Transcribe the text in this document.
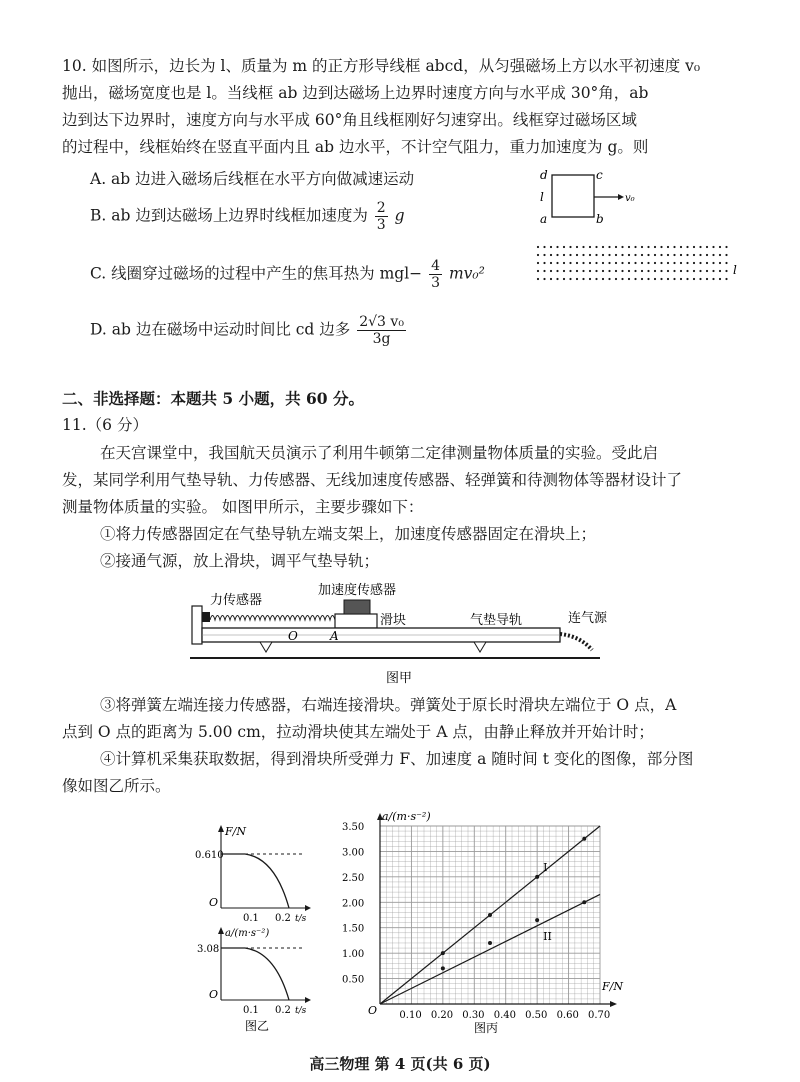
10. 如图所示，边长为 l、质量为 m 的正方形导线框 abcd，从匀强磁场上方以水平初速度 v₀
抛出，磁场宽度也是 l。当线框 ab 边到达磁场上边界时速度方向与水平成 30°角，ab
边到达下边界时，速度方向与水平成 60°角且线框刚好匀速穿出。线框穿过磁场区域
的过程中，线框始终在竖直平面内且 ab 边水平，不计空气阻力，重力加速度为 g。则
A. ab 边进入磁场后线框在水平方向做减速运动
B. ab 边到达磁场上边界时线框加速度为 $\frac{2}{3}$ g
C. 线圈穿过磁场的过程中产生的焦耳热为 $mgl- \frac{4}{3} mv_0^2$
D. ab 边在磁场中运动时间比 cd 边多 $\frac{\text{2√3 v₀}}{3g}$
d	c
l
a	b
v₀
l
二、非选择题：本题共 5 小题，共 60 分。
11.（6 分）
在天宫课堂中，我国航天员演示了利用牛顿第二定律测量物体质量的实验。受此启
发，某同学利用气垫导轨、力传感器、无线加速度传感器、轻弹簧和待测物体等器材设计了
测量物体质量的实验。 如图甲所示，主要步骤如下：
①将力传感器固定在气垫导轨左端支架上，加速度传感器固定在滑块上；
②接通气源，放上滑块，调平气垫导轨；
力传感器
加速度传感器
滑块	气垫导轨	连气源
O	A
图甲
③将弹簧左端连接力传感器，右端连接滑块。弹簧处于原长时滑块左端位于 O 点，A
点到 O 点的距离为 5.00 cm，拉动滑块使其左端处于 A 点，由静止释放并开始计时；
④计算机采集获取数据，得到滑块所受弹力 F、加速度 a 随时间 t 变化的图像，部分图
像如图乙所示。
F/N
0.610
O
0.1 0.2 t/s
a/(m·s⁻²)
3.08
O
0.1 0.2 t/s
图乙
0.10 0.20 0.30 0.40 0.50 0.60 0.70
0.50
1.00
1.50
2.00
2.50
3.00
3.50
I
II
a/(m·s⁻²)
F/N
O
图丙
高三物理 第 4 页(共 6 页)
